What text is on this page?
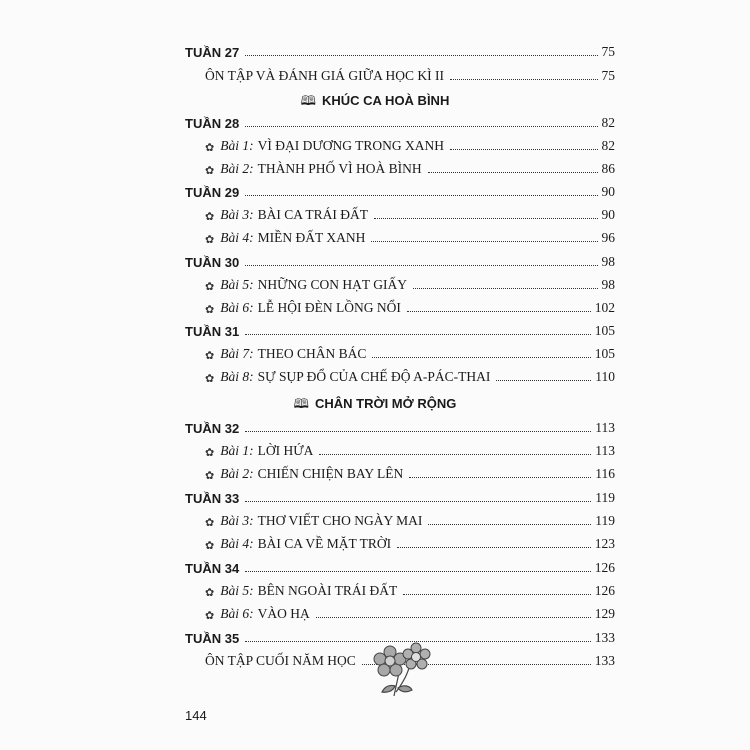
TUẦN 27	75
ÔN TẬP VÀ ĐÁNH GIÁ GIỮA HỌC KÌ II	75
🕮 KHÚC CA HOÀ BÌNH
TUẦN 28	82
✿ Bài 1: VÌ ĐẠI DƯƠNG TRONG XANH	82
✿ Bài 2: THÀNH PHỐ VÌ HOÀ BÌNH	86
TUẦN 29	90
✿ Bài 3: BÀI CA TRÁI ĐẤT	90
✿ Bài 4: MIỀN ĐẤT XANH	96
TUẦN 30	98
✿ Bài 5: NHỮNG CON HẠT GIẤY	98
✿ Bài 6: LỄ HỘI ĐÈN LỒNG NỔI	102
TUẦN 31	105
✿ Bài 7: THEO CHÂN BÁC	105
✿ Bài 8: SỰ SỤP ĐỔ CỦA CHẾ ĐỘ A-PÁC-THAI	110
🕮 CHÂN TRỜI MỞ RỘNG
TUẦN 32	113
✿ Bài 1: LỜI HỨA	113
✿ Bài 2: CHIẾN CHIỆN BAY LÊN	116
TUẦN 33	119
✿ Bài 3: THƠ VIẾT CHO NGÀY MAI	119
✿ Bài 4: BÀI CA VỀ MẶT TRỜI	123
TUẦN 34	126
✿ Bài 5: BÊN NGOÀI TRÁI ĐẤT	126
✿ Bài 6: VÀO HẠ	129
TUẦN 35	133
ÔN TẬP CUỐI NĂM HỌC	133
144
